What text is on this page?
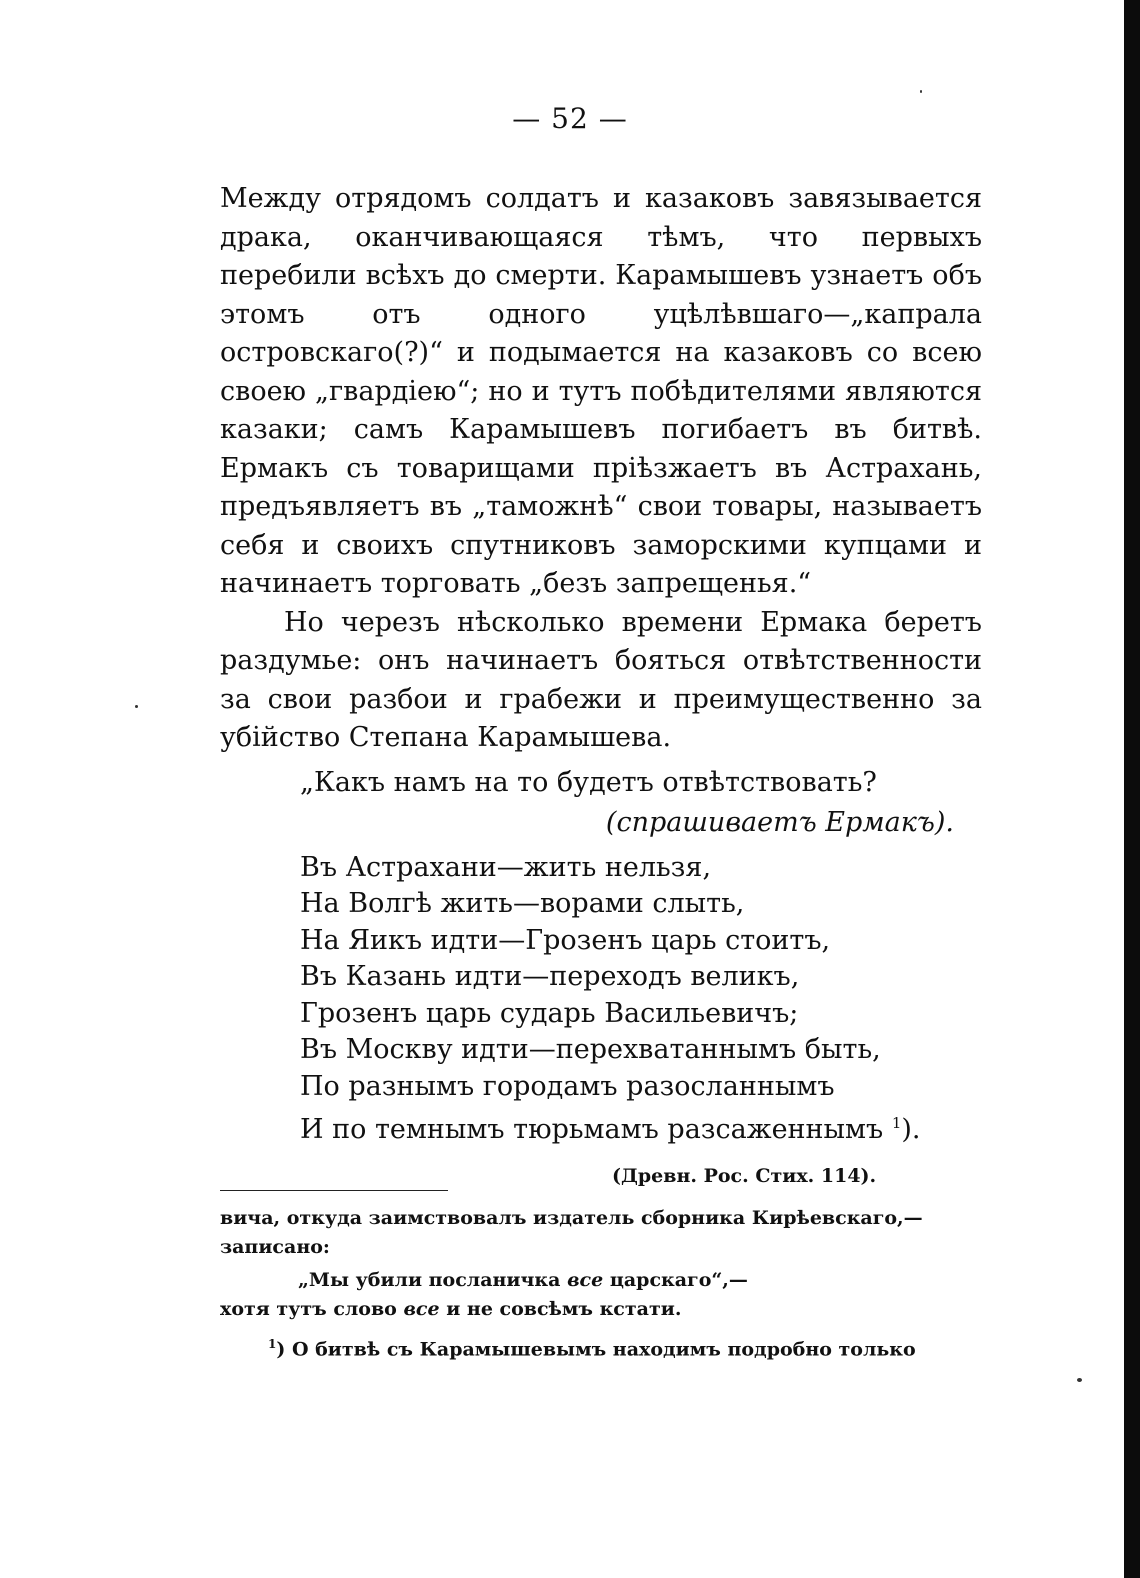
— 52 —

Между отрядомъ солдатъ и казаковъ завязывается драка, оканчивающаяся тѣмъ, что первыхъ перебили всѣхъ до смерти. Карамышевъ узнаетъ объ этомъ отъ одного уцѣлѣвшаго—„капрала островскаго(?)“ и подымается на казаковъ со всею своею „гвардiею“; но и тутъ побѣдителями являются казаки; самъ Карамышевъ погибаетъ въ битвѣ. Ермакъ съ товарищами прiѣзжаетъ въ Астрахань, предъявляетъ въ „таможнѣ“ свои товары, называетъ себя и своихъ спутниковъ заморскими купцами и начинаетъ торговать „безъ запрещенья.“

Но черезъ нѣсколько времени Ермака беретъ раздумье: онъ начинаетъ бояться отвѣтственности за свои разбои и грабежи и преимущественно за убiйство Степана Карамышева.

„Какъ намъ на то будетъ отвѣтствовать?
(спрашиваетъ Ермакъ).
Въ Астрахани—жить нельзя,
На Волгѣ жить—ворами слыть,
На Яикъ идти—Грозенъ царь стоитъ,
Въ Казань идти—переходъ великъ,
Грозенъ царь сударь Васильевичъ;
Въ Москву идти—перехватаннымъ быть,
По разнымъ городамъ разосланнымъ
И по темнымъ тюрьмамъ разсаженнымъ $^1$).
(Древн. Рос. Стих. 114).

вича, откуда заимствовалъ издатель сборника Кирѣевскаго,—

записано:

„Мы убили посланичка все царскаго“,—

хотя тутъ слово все и не совсѣмъ кстати.

$^1$) О битвѣ съ Карамышевымъ находимъ подробно только
